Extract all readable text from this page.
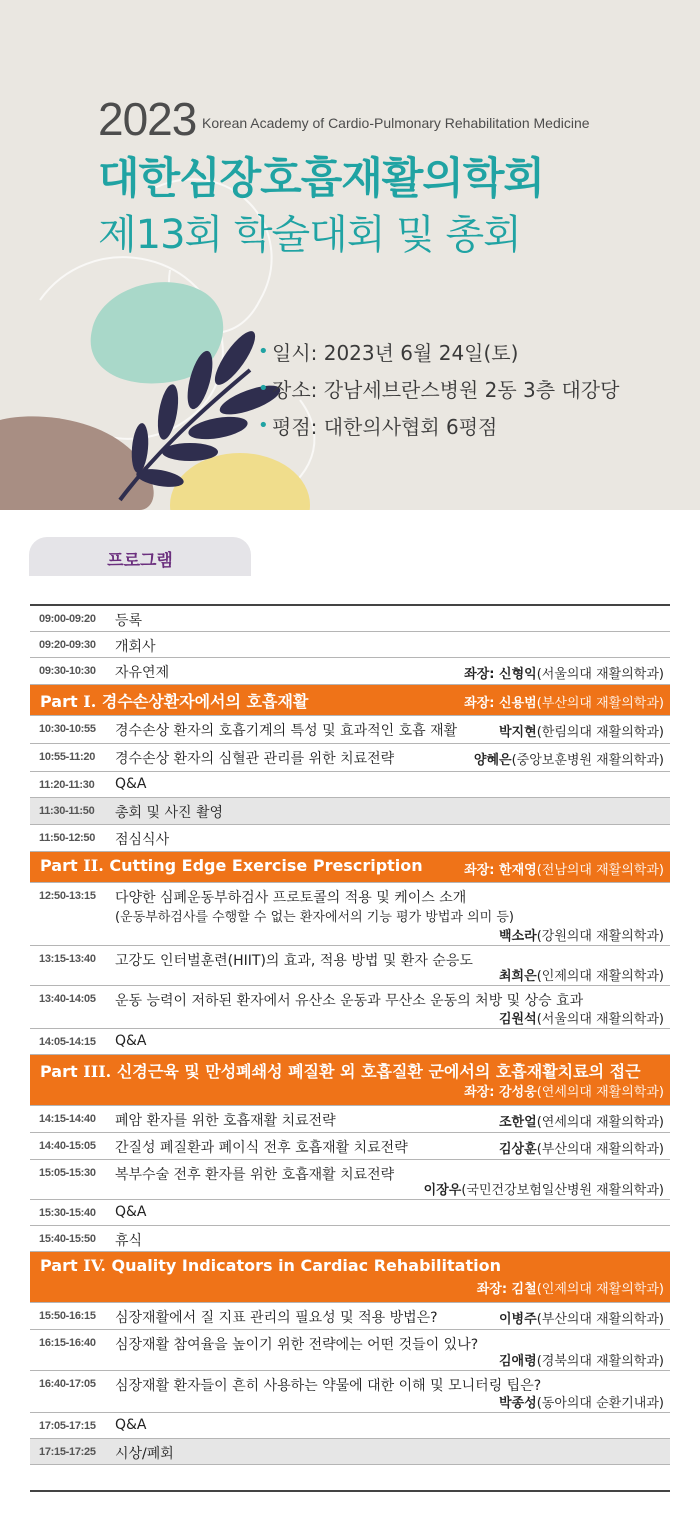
2023 Korean Academy of Cardio-Pulmonary Rehabilitation Medicine
대한심장호흡재활의학회
제13회 학술대회 및 총회
• 일시: 2023년 6월 24일(토)
• 장소: 강남세브란스병원 2동 3층 대강당
• 평점: 대한의사협회 6평점
프로그램
09:00-09:20 등록
09:20-09:30 개회사
09:30-10:30 자유연제	좌장: 신형익(서울의대 재활의학과)
Part I. 경수손상환자에서의 호흡재활	좌장: 신용범(부산의대 재활의학과)
10:30-10:55 경수손상 환자의 호흡기계의 특성 및 효과적인 호흡 재활	박지현(한림의대 재활의학과)
10:55-11:20 경수손상 환자의 심혈관 관리를 위한 치료전략	양혜은(중앙보훈병원 재활의학과)
11:20-11:30 Q&A
11:30-11:50 총회 및 사진 촬영
11:50-12:50 점심식사
Part II. Cutting Edge Exercise Prescription	좌장: 한재영(전남의대 재활의학과)
12:50-13:15 다양한 심폐운동부하검사 프로토콜의 적용 및 케이스 소개
(운동부하검사를 수행할 수 없는 환자에서의 기능 평가 방법과 의미 등)
백소라(강원의대 재활의학과)
13:15-13:40 고강도 인터벌훈련(HIIT)의 효과, 적용 방법 및 환자 순응도
최희은(인제의대 재활의학과)
13:40-14:05 운동 능력이 저하된 환자에서 유산소 운동과 무산소 운동의 처방 및 상승 효과
김원석(서울의대 재활의학과)
14:05-14:15 Q&A
Part III. 신경근육 및 만성폐쇄성 폐질환 외 호흡질환 군에서의 호흡재활치료의 접근
좌장: 강성웅(연세의대 재활의학과)
14:15-14:40 폐암 환자를 위한 호흡재활 치료전략	조한얼(연세의대 재활의학과)
14:40-15:05 간질성 폐질환과 폐이식 전후 호흡재활 치료전략	김상훈(부산의대 재활의학과)
15:05-15:30 복부수술 전후 환자를 위한 호흡재활 치료전략
이장우(국민건강보험일산병원 재활의학과)
15:30-15:40 Q&A
15:40-15:50 휴식
Part IV. Quality Indicators in Cardiac Rehabilitation
좌장: 김철(인제의대 재활의학과)
15:50-16:15 심장재활에서 질 지표 관리의 필요성 및 적용 방법은?	이병주(부산의대 재활의학과)
16:15-16:40 심장재활 참여율을 높이기 위한 전략에는 어떤 것들이 있나?
김애령(경북의대 재활의학과)
16:40-17:05 심장재활 환자들이 흔히 사용하는 약물에 대한 이해 및 모니터링 팁은?
박종성(동아의대 순환기내과)
17:05-17:15 Q&A
17:15-17:25 시상/폐회
